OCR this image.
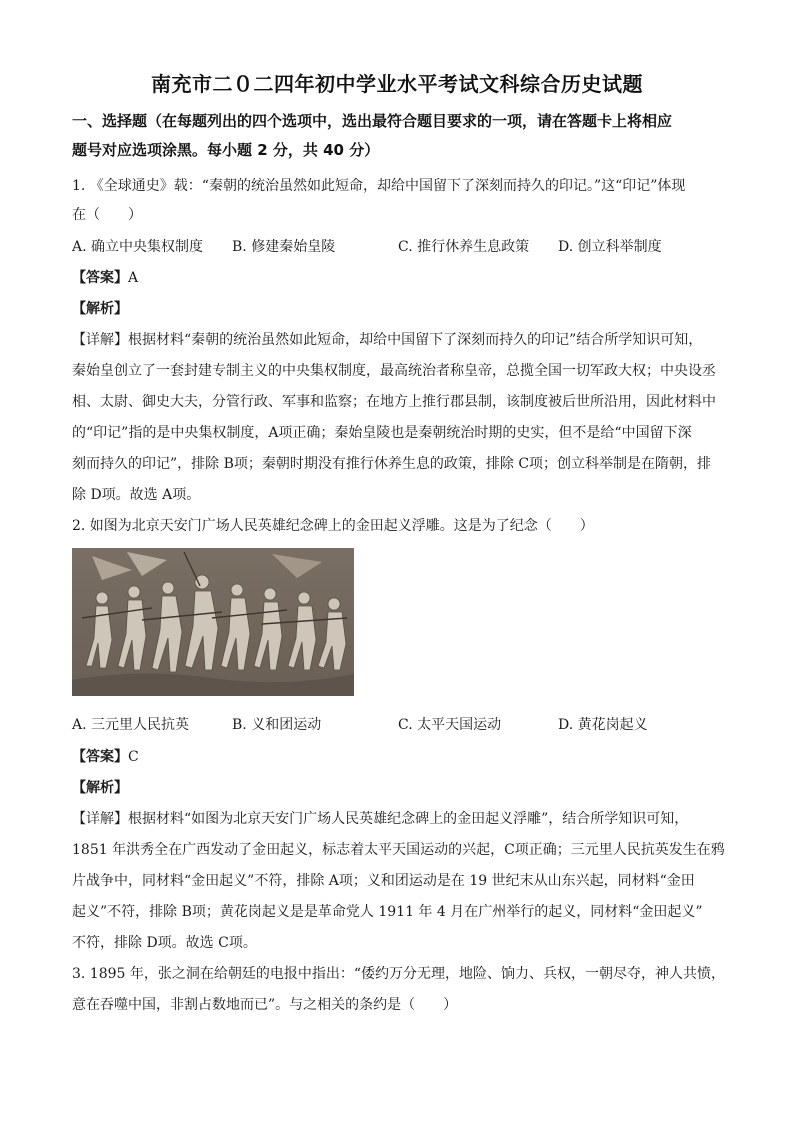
南充市二０二四年初中学业水平考试文科综合历史试题
一、选择题（在每题列出的四个选项中，选出最符合题目要求的一项，请在答题卡上将相应
题号对应选项涂黑。每小题 2 分，共 40 分）
1. 《全球通史》载：“秦朝的统治虽然如此短命，却给中国留下了深刻而持久的印记。”这“印记”体现
在（　　）
A. 确立中央集权制度 B. 修建秦始皇陵	C. 推行休养生息政策 D. 创立科举制度
【答案】A
【解析】
【详解】根据材料“秦朝的统治虽然如此短命，却给中国留下了深刻而持久的印记”结合所学知识可知，
秦始皇创立了一套封建专制主义的中央集权制度，最高统治者称皇帝，总揽全国一切军政大权；中央设丞
相、太尉、御史大夫，分管行政、军事和监察；在地方上推行郡县制，该制度被后世所沿用，因此材料中
的“印记”指的是中央集权制度，A项正确；秦始皇陵也是秦朝统治时期的史实，但不是给“中国留下深
刻而持久的印记”，排除 B项；秦朝时期没有推行休养生息的政策，排除 C项；创立科举制是在隋朝，排
除 D项。故选 A项。
2. 如图为北京天安门广场人民英雄纪念碑上的金田起义浮雕。这是为了纪念（　　）
A. 三元里人民抗英	B. 义和团运动	C. 太平天国运动	D. 黄花岗起义
【答案】C
【解析】
【详解】根据材料“如图为北京天安门广场人民英雄纪念碑上的金田起义浮雕”，结合所学知识可知，
1851 年洪秀全在广西发动了金田起义，标志着太平天国运动的兴起，C项正确；三元里人民抗英发生在鸦
片战争中，同材料“金田起义”不符，排除 A项；义和团运动是在 19 世纪末从山东兴起，同材料“金田
起义”不符，排除 B项；黄花岗起义是是革命党人 1911 年 4 月在广州举行的起义，同材料“金田起义”
不符，排除 D项。故选 C项。
3. 1895 年，张之洞在给朝廷的电报中指出：“倭约万分无理，地险、饷力、兵权，一朝尽夺，神人共愤，
意在吞噬中国，非割占数地而已”。与之相关的条约是（　　）
